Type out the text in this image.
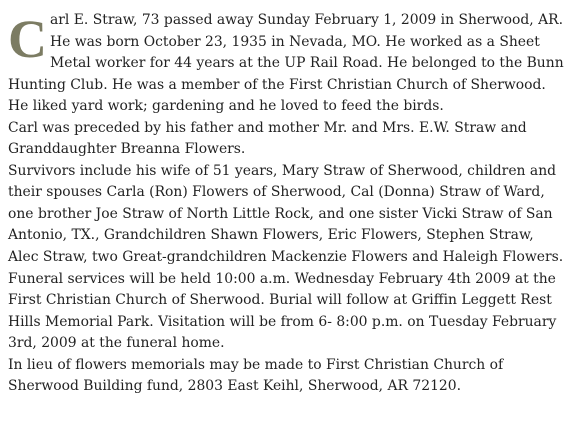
Carl E. Straw, 73 passed away Sunday February 1, 2009 in Sherwood, AR. He was born October 23, 1935 in Nevada, MO. He worked as a Sheet Metal worker for 44 years at the UP Rail Road. He belonged to the Bunn Hunting Club. He was a member of the First Christian Church of Sherwood. He liked yard work; gardening and he loved to feed the birds.

Carl was preceded by his father and mother Mr. and Mrs. E.W. Straw and Granddaughter Breanna Flowers.

Survivors include his wife of 51 years, Mary Straw of Sherwood, children and their spouses Carla (Ron) Flowers of Sherwood, Cal (Donna) Straw of Ward, one brother Joe Straw of North Little Rock, and one sister Vicki Straw of San Antonio, TX., Grandchildren Shawn Flowers, Eric Flowers, Stephen Straw, Alec Straw, two Great-grandchildren Mackenzie Flowers and Haleigh Flowers.

Funeral services will be held 10:00 a.m. Wednesday February 4th 2009 at the First Christian Church of Sherwood. Burial will follow at Griffin Leggett Rest Hills Memorial Park. Visitation will be from 6- 8:00 p.m. on Tuesday February 3rd, 2009 at the funeral home.

In lieu of flowers memorials may be made to First Christian Church of Sherwood Building fund, 2803 East Keihl, Sherwood, AR 72120.
